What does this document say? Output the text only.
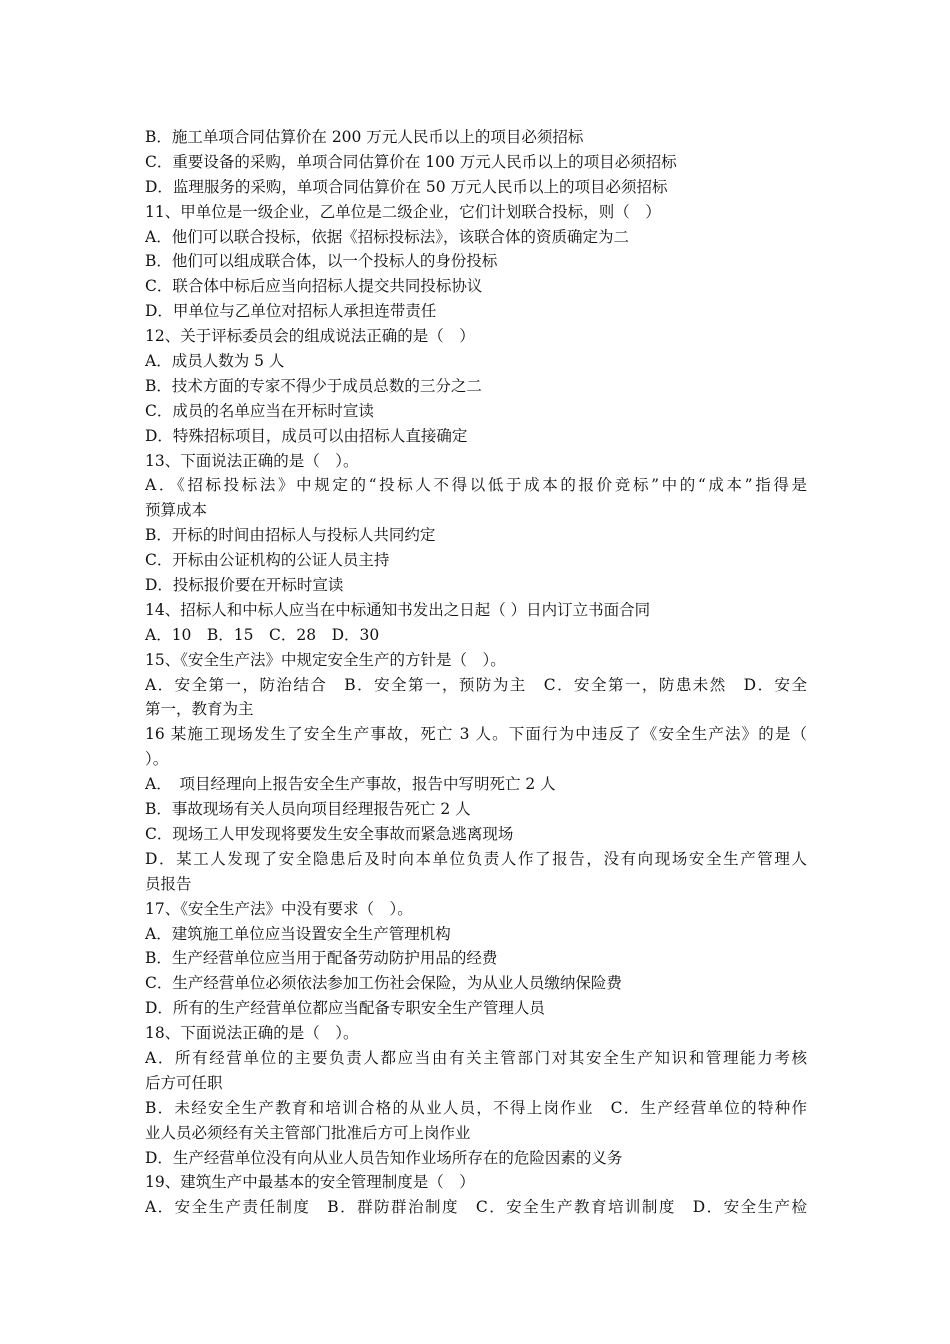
B．施工单项合同估算价在 200 万元人民币以上的项目必须招标
C．重要设备的采购，单项合同估算价在 100 万元人民币以上的项目必须招标
D．监理服务的采购，单项合同估算价在 50 万元人民币以上的项目必须招标
11、甲单位是一级企业，乙单位是二级企业，它们计划联合投标，则（　）
A．他们可以联合投标，依据《招标投标法》，该联合体的资质确定为二
B．他们可以组成联合体，以一个投标人的身份投标
C．联合体中标后应当向招标人提交共同投标协议
D．甲单位与乙单位对招标人承担连带责任
12、关于评标委员会的组成说法正确的是（　）
A．成员人数为 5 人
B．技术方面的专家不得少于成员总数的三分之二
C．成员的名单应当在开标时宣读
D．特殊招标项目，成员可以由招标人直接确定
13、下面说法正确的是（　）。
A．《招标投标法》中规定的“投标人不得以低于成本的报价竞标”中的“成本”指得是
预算成本
B．开标的时间由招标人与投标人共同约定
C．开标由公证机构的公证人员主持
D．投标报价要在开标时宣读
14、招标人和中标人应当在中标通知书发出之日起（ ）日内订立书面合同
A．10　B．15　C．28　D．30
15、《安全生产法》中规定安全生产的方针是（　）。
A．安全第一，防治结合　B．安全第一，预防为主　C．安全第一，防患未然　D．安全
第一，教育为主
16 某施工现场发生了安全生产事故，死亡 3 人。下面行为中违反了《安全生产法》的是（
）。
A．　项目经理向上报告安全生产事故，报告中写明死亡 2 人
B．事故现场有关人员向项目经理报告死亡 2 人
C．现场工人甲发现将要发生安全事故而紧急逃离现场
D．某工人发现了安全隐患后及时向本单位负责人作了报告，没有向现场安全生产管理人
员报告
17、《安全生产法》中没有要求（　）。
A．建筑施工单位应当设置安全生产管理机构
B．生产经营单位应当用于配备劳动防护用品的经费
C．生产经营单位必须依法参加工伤社会保险，为从业人员缴纳保险费
D．所有的生产经营单位都应当配备专职安全生产管理人员
18、下面说法正确的是（　）。
A．所有经营单位的主要负责人都应当由有关主管部门对其安全生产知识和管理能力考核
后方可任职
B．未经安全生产教育和培训合格的从业人员，不得上岗作业　C．生产经营单位的特种作
业人员必须经有关主管部门批准后方可上岗作业
D．生产经营单位没有向从业人员告知作业场所存在的危险因素的义务
19、建筑生产中最基本的安全管理制度是（　）
A．安全生产责任制度　B．群防群治制度　C．安全生产教育培训制度　D．安全生产检
